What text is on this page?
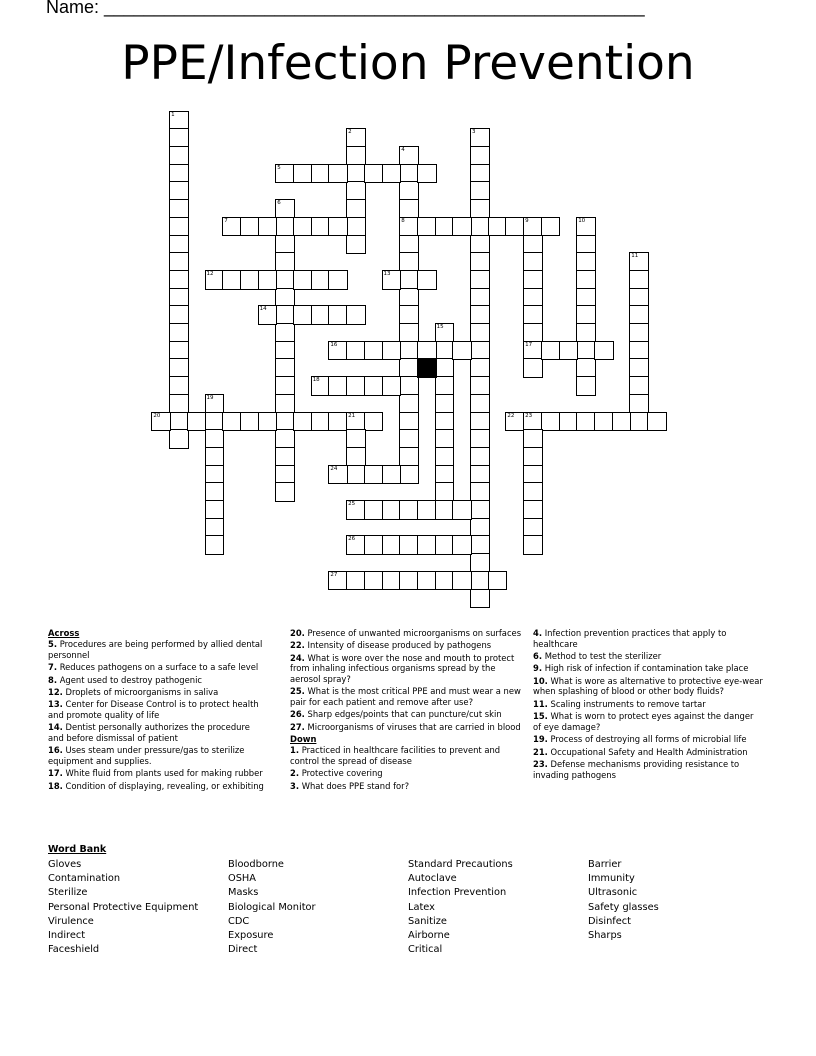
Name: ______________________________________________________
PPE/Infection Prevention
1
2	3
4
8
5
6
7	9
17
10
11
12	13
14
15
16
18
19
20	21	22 23
24
25
26
27
Across
5. Procedures are being performed by allied dental personnel
7. Reduces pathogens on a surface to a safe level
8. Agent used to destroy pathogenic
12. Droplets of microorganisms in saliva
13. Center for Disease Control is to protect health and promote quality of life
14. Dentist personally authorizes the procedure and before dismissal of patient
16. Uses steam under pressure/gas to sterilize equipment and supplies.
17. White fluid from plants used for making rubber
18. Condition of displaying, revealing, or exhibiting
20. Presence of unwanted microorganisms on surfaces
22. Intensity of disease produced by pathogens
24. What is wore over the nose and mouth to protect from inhaling infectious organisms spread by the aerosol spray?
25. What is the most critical PPE and must wear a new pair for each patient and remove after use?
26. Sharp edges/points that can puncture/cut skin
27. Microorganisms of viruses that are carried in blood
Down
1. Practiced in healthcare facilities to prevent and control the spread of disease
2. Protective covering
3. What does PPE stand for?
4. Infection prevention practices that apply to healthcare
6. Method to test the sterilizer
9. High risk of infection if contamination take place
10. What is wore as alternative to protective eye-wear when splashing of blood or other body fluids?
11. Scaling instruments to remove tartar
15. What is worn to protect eyes against the danger of eye damage?
19. Process of destroying all forms of microbial life
21. Occupational Safety and Health Administration
23. Defense mechanisms providing resistance to invading pathogens
Word Bank
Gloves
Contamination
Sterilize
Personal Protective Equipment
Virulence
Indirect
Faceshield
Bloodborne
OSHA
Masks
Biological Monitor
CDC
Exposure
Direct
Standard Precautions
Autoclave
Infection Prevention
Latex
Sanitize
Airborne
Critical
Barrier
Immunity
Ultrasonic
Safety glasses
Disinfect
Sharps
